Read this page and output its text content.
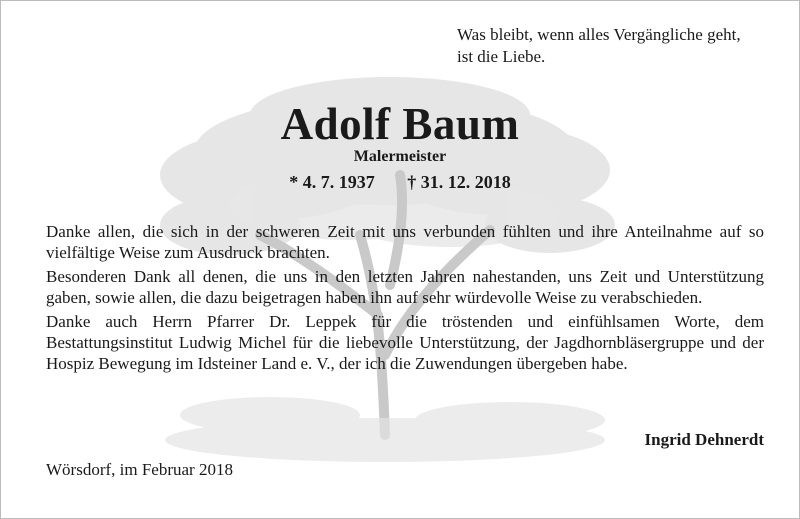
Was bleibt, wenn alles Vergängliche geht,
ist die Liebe.
Adolf Baum
Malermeister
* 4. 7. 1937 † 31. 12. 2018

Danke allen, die sich in der schweren Zeit mit uns verbunden fühlten und ihre Anteilnahme auf so vielfältige Weise zum Ausdruck brachten.

Besonderen Dank all denen, die uns in den letzten Jahren nahestanden, uns Zeit und Unterstützung gaben, sowie allen, die dazu beigetragen haben ihn auf sehr würdevolle Weise zu verabschieden.

Danke auch Herrn Pfarrer Dr. Leppek für die tröstenden und einfühlsamen Worte, dem Bestattungsinstitut Ludwig Michel für die liebevolle Unterstützung, der Jagdhornbläsergruppe und der Hospiz Bewegung im Idsteiner Land e. V., der ich die Zuwendungen übergeben habe.

Ingrid Dehnerdt
Wörsdorf, im Februar 2018
